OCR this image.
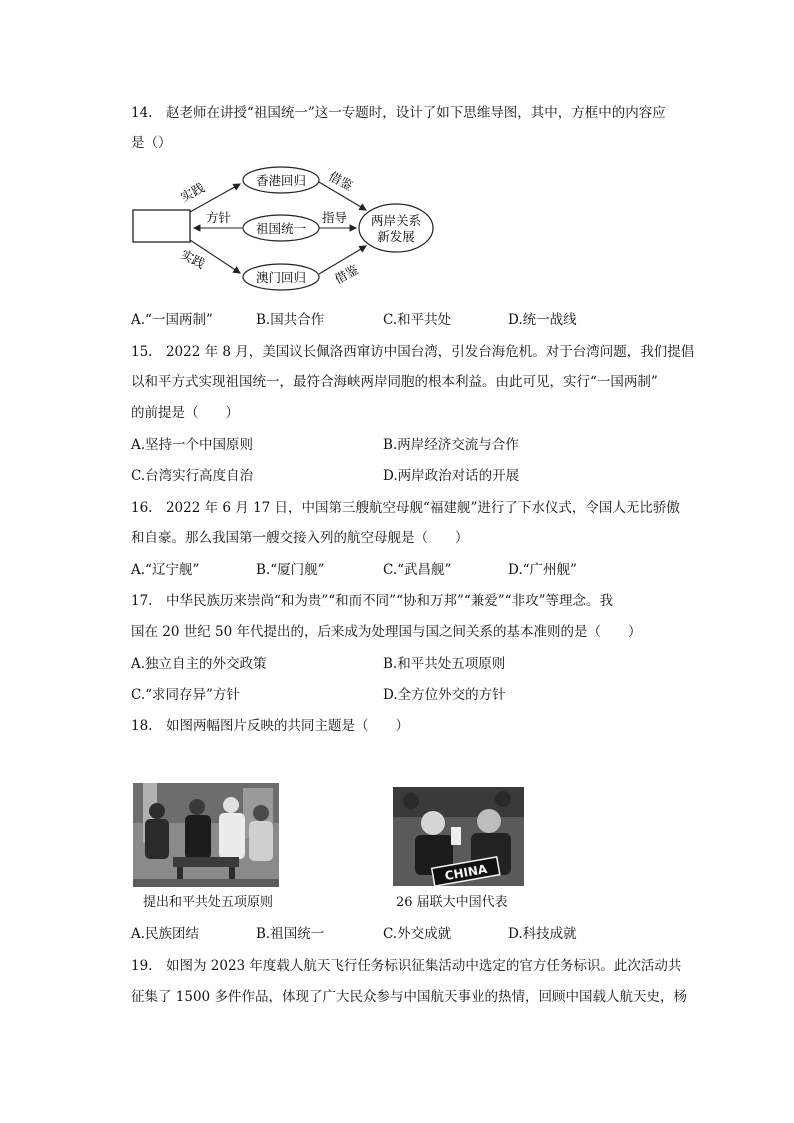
14.　赵老师在讲授“祖国统一”这一专题时，设计了如下思维导图，其中，方框中的内容应
是（）
香港回归
祖国统一
澳门回归
两岸关系
新发展
实践
实践
方针	指导
借鉴
借鉴
A.“一国两制”	B.国共合作	C.和平共处	D.统一战线
15.　2022 年 8 月，美国议长佩洛西窜访中国台湾，引发台海危机。对于台湾问题，我们提倡
以和平方式实现祖国统一，最符合海峡两岸同胞的根本利益。由此可见，实行“一国两制”
的前提是（　　）
A.坚持一个中国原则	B.两岸经济交流与合作
C.台湾实行高度自治	D.两岸政治对话的开展
16.　2022 年 6 月 17 日，中国第三艘航空母舰“福建舰”进行了下水仪式，令国人无比骄傲
和自豪。那么我国第一艘交接入列的航空母舰是（　　）
A.“辽宁舰”	B.“厦门舰”	C.“武昌舰”	D.“广州舰”
17.　中华民族历来崇尚“和为贵”“和而不同”“协和万邦”“兼爱”“非攻”等理念。我
国在 20 世纪 50 年代提出的，后来成为处理国与国之间关系的基本准则的是（　　）
A.独立自主的外交政策	B.和平共处五项原则
C.“求同存异”方针	D.全方位外交的方针
18.　如图两幅图片反映的共同主题是（　　）
CHINA
提出和平共处五项原则	26 届联大中国代表
A.民族团结	B.祖国统一	C.外交成就	D.科技成就
19.　如图为 2023 年度载人航天飞行任务标识征集活动中选定的官方任务标识。此次活动共
征集了 1500 多件作品，体现了广大民众参与中国航天事业的热情，回顾中国载人航天史，杨
